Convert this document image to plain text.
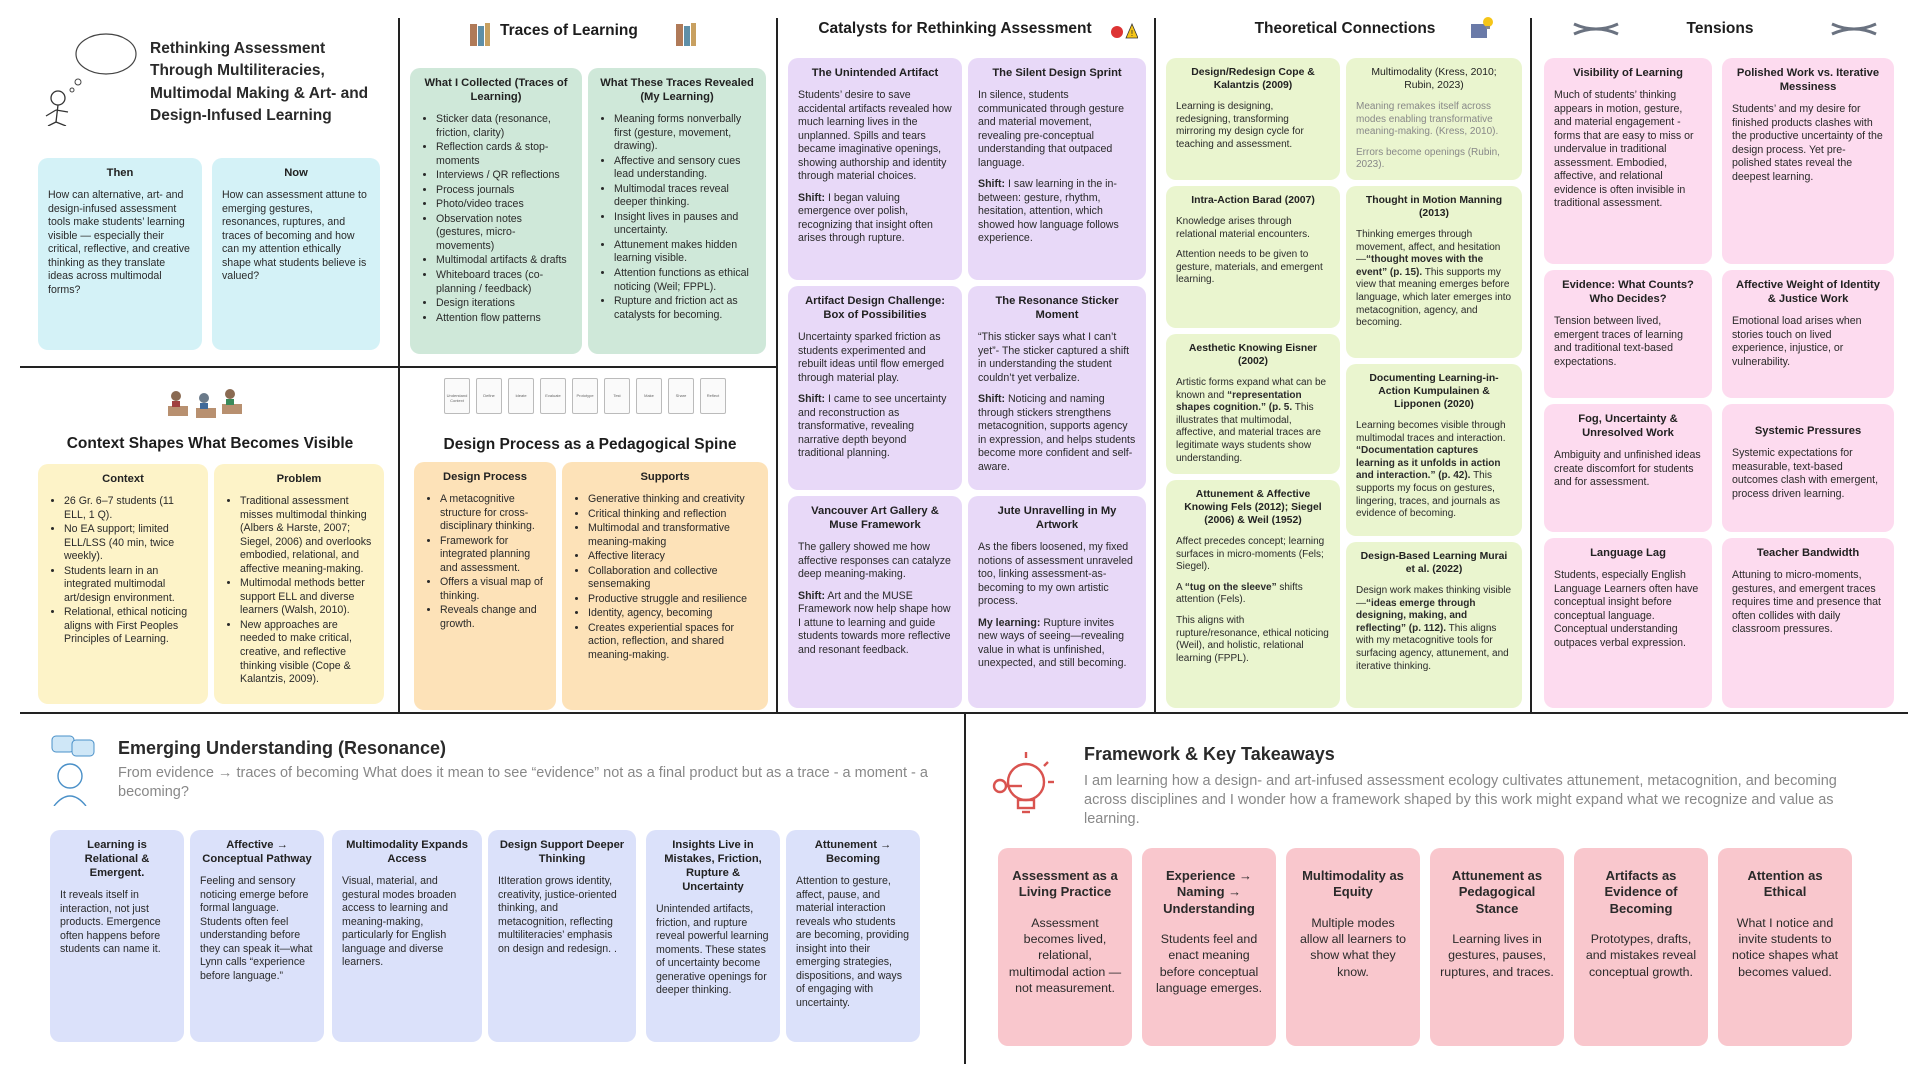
Rethinking Assessment Through Multiliteracies, Multimodal Making & Art- and Design-Infused Learning
Then

How can alternative, art- and design-infused assessment tools make students’ learning visible — especially their critical, reflective, and creative thinking as they translate ideas across multimodal forms?

Now

How can assessment attune to emerging gestures, resonances, ruptures, and traces of becoming and how can my attention ethically shape what students believe is valued?

Traces of Learning
What I Collected (Traces of Learning)
• Sticker data (resonance, friction, clarity)
• Reflection cards & stop-moments
• Interviews / QR reflections
• Process journals
• Photo/video traces
• Observation notes (gestures, micro-movements)
• Multimodal artifacts & drafts
• Whiteboard traces (co-planning / feedback)
• Design iterations
• Attention flow patterns
What These Traces Revealed (My Learning)
• Meaning forms nonverbally first (gesture, movement, drawing).
• Affective and sensory cues lead understanding.
• Multimodal traces reveal deeper thinking.
• Insight lives in pauses and uncertainty.
• Attunement makes hidden learning visible.
• Attention functions as ethical noticing (Weil; FPPL).
• Rupture and friction act as catalysts for becoming.
Context Shapes What Becomes Visible
Context
• 26 Gr. 6–7 students (11 ELL, 1 Q).
• No EA support; limited ELL/LSS (40 min, twice weekly).
• Students learn in an integrated multimodal art/design environment.
• Relational, ethical noticing aligns with First Peoples Principles of Learning.
Problem
• Traditional assessment misses multimodal thinking (Albers & Harste, 2007; Siegel, 2006) and overlooks embodied, relational, and affective meaning-making.
• Multimodal methods better support ELL and diverse learners (Walsh, 2010).
• New approaches are needed to make critical, creative, and reflective thinking visible (Cope & Kalantzis, 2009).
Understand Context
Define	Ideate	Evaluate	Prototype	Test	Make	Share	Reflect
Design Process as a Pedagogical Spine
Design Process
• A metacognitive structure for cross-disciplinary thinking.
• Framework for integrated planning and assessment.
• Offers a visual map of thinking.
• Reveals change and growth.
Supports
• Generative thinking and creativity
• Critical thinking and reflection
• Multimodal and transformative meaning-making
• Affective literacy
• Collaboration and collective sensemaking
• Productive struggle and resilience
• Identity, agency, becoming
• Creates experiential spaces for action, reflection, and shared meaning-making.
Catalysts for Rethinking Assessment	!
The Unintended Artifact

Students’ desire to save accidental artifacts revealed how much learning lives in the unplanned. Spills and tears became imaginative openings, showing authorship and identity through material choices.

Shift: I began valuing emergence over polish, recognizing that insight often arises through rupture.

The Silent Design Sprint

In silence, students communicated through gesture and material movement, revealing pre-conceptual understanding that outpaced language.

Shift: I saw learning in the in-between: gesture, rhythm, hesitation, attention, which showed how language follows experience.

Artifact Design Challenge: Box of Possibilities

Uncertainty sparked friction as students experimented and rebuilt ideas until flow emerged through material play.

Shift: I came to see uncertainty and reconstruction as transformative, revealing narrative depth beyond traditional planning.

The Resonance Sticker Moment

“This sticker says what I can’t yet”- The sticker captured a shift in understanding the student couldn’t yet verbalize.

Shift: Noticing and naming through stickers strengthens metacognition, supports agency in expression, and helps students become more confident and self-aware.

Vancouver Art Gallery & Muse Framework

The gallery showed me how affective responses can catalyze deep meaning-making.

Shift: Art and the MUSE Framework now help shape how I attune to learning and guide students towards more reflective and resonant feedback.

Jute Unravelling in My Artwork

As the fibers loosened, my fixed notions of assessment unraveled too, linking assessment-as-becoming to my own artistic process.

My learning: Rupture invites new ways of seeing—revealing value in what is unfinished, unexpected, and still becoming.

Theoretical Connections
Design/Redesign Cope & Kalantzis (2009)

Learning is designing, redesigning, transforming mirroring my design cycle for teaching and assessment.

Multimodality (Kress, 2010; Rubin, 2023)

Meaning remakes itself across modes enabling transformative meaning-making. (Kress, 2010).

Errors become openings (Rubin, 2023).

Intra-Action Barad (2007)

Knowledge arises through relational material encounters.

Attention needs to be given to gesture, materials, and emergent learning.

Thought in Motion Manning (2013)

Thinking emerges through movement, affect, and hesitation —“thought moves with the event” (p. 15). This supports my view that meaning emerges before language, which later emerges into metacognition, agency, and becoming.

Aesthetic Knowing Eisner (2002)

Artistic forms expand what can be known and “representation shapes cognition.” (p. 5. This illustrates that multimodal, affective, and material traces are legitimate ways students show understanding.

Documenting Learning-in-Action Kumpulainen & Lipponen (2020)

Learning becomes visible through multimodal traces and interaction. “Documentation captures learning as it unfolds in action and interaction.” (p. 42). This supports my focus on gestures, lingering, traces, and journals as evidence of becoming.

Attunement & Affective Knowing Fels (2012); Siegel (2006) & Weil (1952)

Affect precedes concept; learning surfaces in micro-moments (Fels; Siegel).

A “tug on the sleeve” shifts attention (Fels).

This aligns with rupture/resonance, ethical noticing (Weil), and holistic, relational learning (FPPL).

Design-Based Learning Murai et al. (2022)

Design work makes thinking visible—“ideas emerge through designing, making, and reflecting” (p. 112). This aligns with my metacognitive tools for surfacing agency, attunement, and iterative thinking.

Tensions
Visibility of Learning

Much of students’ thinking appears in motion, gesture, and material engagement - forms that are easy to miss or undervalue in traditional assessment. Embodied, affective, and relational evidence is often invisible in traditional assessment.

Polished Work vs. Iterative Messiness

Students’ and my desire for finished products clashes with the productive uncertainty of the design process. Yet pre-polished states reveal the deepest learning.

Evidence: What Counts? Who Decides?

Tension between lived, emergent traces of learning and traditional text-based expectations.

Affective Weight of Identity & Justice Work

Emotional load arises when stories touch on lived experience, injustice, or vulnerability.

Fog, Uncertainty & Unresolved Work

Ambiguity and unfinished ideas create discomfort for students and for assessment.

Systemic Pressures

Systemic expectations for measurable, text-based outcomes clash with emergent, process driven learning.

Language Lag

Students, especially English Language Learners often have conceptual insight before conceptual language. Conceptual understanding outpaces verbal expression.

Teacher Bandwidth

Attuning to micro-moments, gestures, and emergent traces requires time and presence that often collides with daily classroom pressures.

Emerging Understanding (Resonance)
From evidence → traces of becoming What does it mean to see “evidence” not as a final product but as a trace - a moment - a becoming?
Learning is Relational & Emergent.

It reveals itself in interaction, not just products. Emergence often happens before students can name it.

Affective → Conceptual Pathway

Feeling and sensory noticing emerge before formal language. Students often feel understanding before they can speak it—what Lynn calls “experience before language.”

Multimodality Expands Access

Visual, material, and gestural modes broaden access to learning and meaning-making, particularly for English language and diverse learners.

Design Support Deeper Thinking

ItIteration grows identity, creativity, justice-oriented thinking, and metacognition, reflecting multiliteracies’ emphasis on design and redesign. .

Insights Live in Mistakes, Friction, Rupture & Uncertainty

Unintended artifacts, friction, and rupture reveal powerful learning moments. These states of uncertainty become generative openings for deeper thinking.

Attunement → Becoming

Attention to gesture, affect, pause, and material interaction reveals who students are becoming, providing insight into their emerging strategies, dispositions, and ways of engaging with uncertainty.

Framework & Key Takeaways
I am learning how a design- and art-infused assessment ecology cultivates attunement, metacognition, and becoming across disciplines and I wonder how a framework shaped by this work might expand what we recognize and value as learning.
Assessment as a Living Practice
Assessment becomes lived, relational, multimodal action —not measurement.
Experience → Naming → Understanding
Students feel and enact meaning before conceptual language emerges.
Multimodality as Equity
Multiple modes allow all learners to show what they know.
Attunement as Pedagogical Stance
Learning lives in gestures, pauses, ruptures, and traces.
Artifacts as Evidence of Becoming
Prototypes, drafts, and mistakes reveal conceptual growth.
Attention as Ethical
What I notice and invite students to notice shapes what becomes valued.
